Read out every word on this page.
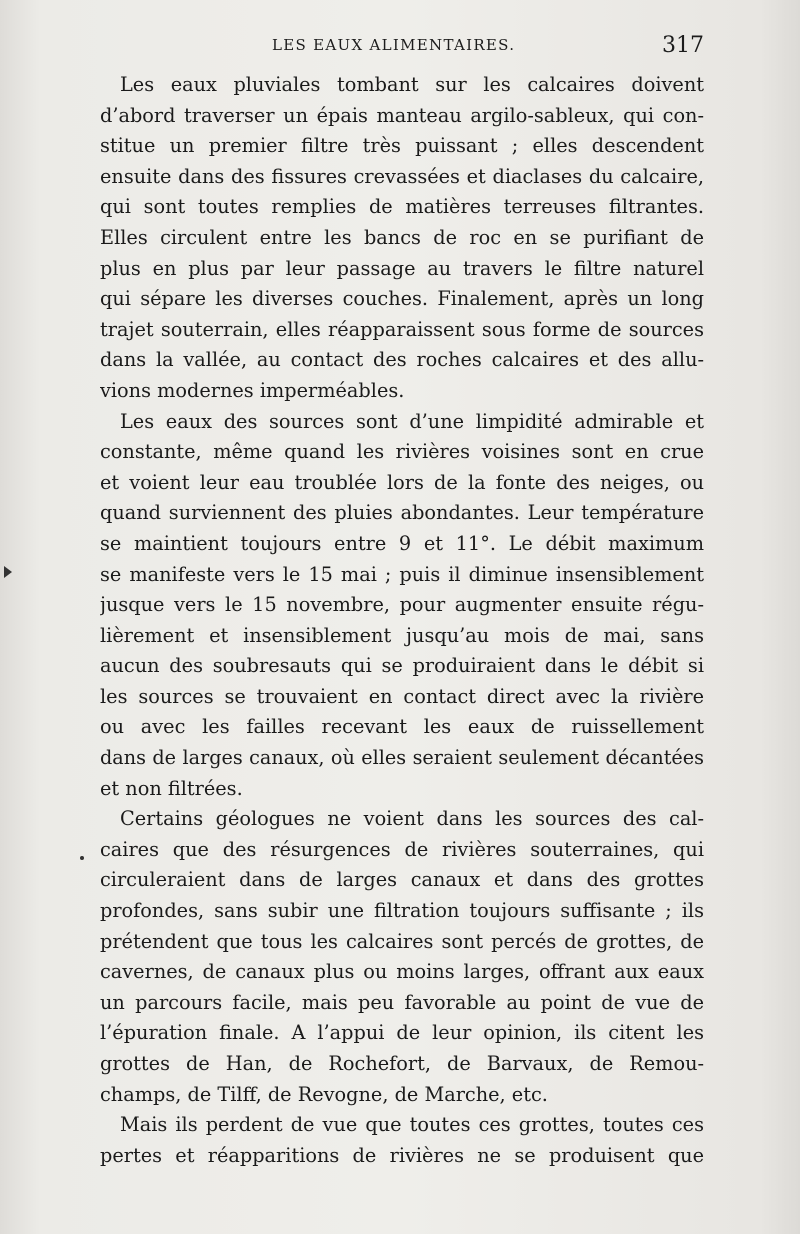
LES EAUX ALIMENTAIRES.	317

Les eaux pluviales tombant sur les calcaires doivent
d’abord traverser un épais manteau argilo-sableux, qui con-
stitue un premier filtre très puissant ; elles descendent
ensuite dans des fissures crevassées et diaclases du calcaire,
qui sont toutes remplies de matières terreuses filtrantes.
Elles circulent entre les bancs de roc en se purifiant de
plus en plus par leur passage au travers le filtre naturel
qui sépare les diverses couches. Finalement, après un long
trajet souterrain, elles réapparaissent sous forme de sources
dans la vallée, au contact des roches calcaires et des allu-
vions modernes imperméables.

Les eaux des sources sont d’une limpidité admirable et
constante, même quand les rivières voisines sont en crue
et voient leur eau troublée lors de la fonte des neiges, ou
quand surviennent des pluies abondantes. Leur température
se maintient toujours entre 9 et 11°. Le débit maximum
se manifeste vers le 15 mai ; puis il diminue insensiblement
jusque vers le 15 novembre, pour augmenter ensuite régu-
lièrement et insensiblement jusqu’au mois de mai, sans
aucun des soubresauts qui se produiraient dans le débit si
les sources se trouvaient en contact direct avec la rivière
ou avec les failles recevant les eaux de ruissellement
dans de larges canaux, où elles seraient seulement décantées
et non filtrées.

Certains géologues ne voient dans les sources des cal-
caires que des résurgences de rivières souterraines, qui
circuleraient dans de larges canaux et dans des grottes
profondes, sans subir une filtration toujours suffisante ; ils
prétendent que tous les calcaires sont percés de grottes, de
cavernes, de canaux plus ou moins larges, offrant aux eaux
un parcours facile, mais peu favorable au point de vue de
l’épuration finale. A l’appui de leur opinion, ils citent les
grottes de Han, de Rochefort, de Barvaux, de Remou-
champs, de Tilff, de Revogne, de Marche, etc.

Mais ils perdent de vue que toutes ces grottes, toutes ces
pertes et réapparitions de rivières ne se produisent que
